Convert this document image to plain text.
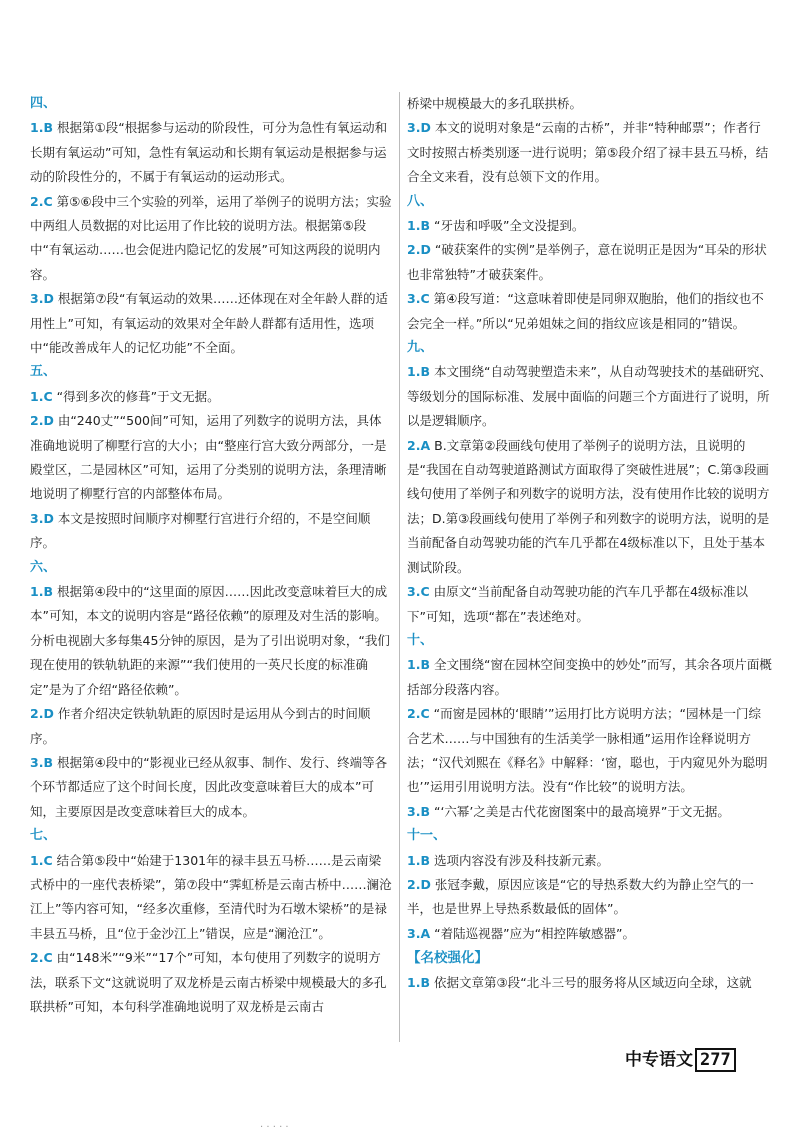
四、
1.B 根据第①段“根据参与运动的阶段性，可分为急性有氧运动和长期有氧运动”可知，急性有氧运动和长期有氧运动是根据参与运动的阶段性分的，不属于有氧运动的运动形式。
2.C 第⑤⑥段中三个实验的列举，运用了举例子的说明方法；实验中两组人员数据的对比运用了作比较的说明方法。根据第⑤段中“有氧运动……也会促进内隐记忆的发展”可知这两段的说明内容。
3.D 根据第⑦段“有氧运动的效果……还体现在对全年龄人群的适用性上”可知，有氧运动的效果对全年龄人群都有适用性，选项中“能改善成年人的记忆功能”不全面。
五、
1.C “得到多次的修葺”于文无据。
2.D 由“240丈”“500间”可知，运用了列数字的说明方法，具体准确地说明了柳墅行宫的大小；由“整座行宫大致分两部分，一是殿堂区，二是园林区”可知，运用了分类别的说明方法，条理清晰地说明了柳墅行宫的内部整体布局。
3.D 本文是按照时间顺序对柳墅行宫进行介绍的，不是空间顺序。
六、
1.B 根据第④段中的“这里面的原因……因此改变意味着巨大的成本”可知，本文的说明内容是“路径依赖”的原理及对生活的影响。分析电视剧大多每集45分钟的原因，是为了引出说明对象，“我们现在使用的铁轨轨距的来源”“我们使用的一英尺长度的标准确定”是为了介绍“路径依赖”。
2.D 作者介绍决定铁轨轨距的原因时是运用从今到古的时间顺序。
3.B 根据第④段中的“影视业已经从叙事、制作、发行、终端等各个环节都适应了这个时间长度，因此改变意味着巨大的成本”可知，主要原因是改变意味着巨大的成本。
七、
1.C 结合第⑤段中“始建于1301年的禄丰县五马桥……是云南梁式桥中的一座代表桥梁”，第⑦段中“霁虹桥是云南古桥中……澜沧江上”等内容可知，“经多次重修，至清代时为石墩木梁桥”的是禄丰县五马桥，且“位于金沙江上”错误，应是“澜沧江”。
2.C 由“148米”“9米”“17个”可知，本句使用了列数字的说明方法，联系下文“这就说明了双龙桥是云南古桥梁中规模最大的多孔联拱桥”可知，本句科学准确地说明了双龙桥是云南古
桥梁中规模最大的多孔联拱桥。
3.D 本文的说明对象是“云南的古桥”，并非“特种邮票”；作者行文时按照古桥类别逐一进行说明；第⑤段介绍了禄丰县五马桥，结合全文来看，没有总领下文的作用。
八、
1.B “牙齿和呼吸”全文没提到。
2.D “破获案件的实例”是举例子，意在说明正是因为“耳朵的形状也非常独特”才破获案件。
3.C 第④段写道：“这意味着即使是同卵双胞胎，他们的指纹也不会完全一样。”所以“兄弟姐妹之间的指纹应该是相同的”错误。
九、
1.B 本文围绕“自动驾驶塑造未来”，从自动驾驶技术的基础研究、等级划分的国际标准、发展中面临的问题三个方面进行了说明，所以是逻辑顺序。
2.A B.文章第②段画线句使用了举例子的说明方法，且说明的是“我国在自动驾驶道路测试方面取得了突破性进展”；C.第③段画线句使用了举例子和列数字的说明方法，没有使用作比较的说明方法；D.第③段画线句使用了举例子和列数字的说明方法，说明的是当前配备自动驾驶功能的汽车几乎都在4级标准以下，且处于基本测试阶段。
3.C 由原文“当前配备自动驾驶功能的汽车几乎都在4级标准以下”可知，选项“都在”表述绝对。
十、
1.B 全文围绕“窗在园林空间变换中的妙处”而写，其余各项片面概括部分段落内容。
2.C “而窗是园林的‘眼睛’”运用打比方说明方法；“园林是一门综合艺术……与中国独有的生活美学一脉相通”运用作诠释说明方法；“汉代刘熙在《释名》中解释：‘窗，聪也，于内窥见外为聪明也’”运用引用说明方法。没有“作比较”的说明方法。
3.B “‘六幂’之美是古代花窗图案中的最高境界”于文无据。
十一、
1.B 选项内容没有涉及科技新元素。
2.D 张冠李戴，原因应该是“它的导热系数大约为静止空气的一半，也是世界上导热系数最低的固体”。
3.A “着陆巡视器”应为“相控阵敏感器”。
【名校强化】
1.B 依据文章第③段“北斗三号的服务将从区域迈向全球，这就
中专语文 277
· · · · ·
